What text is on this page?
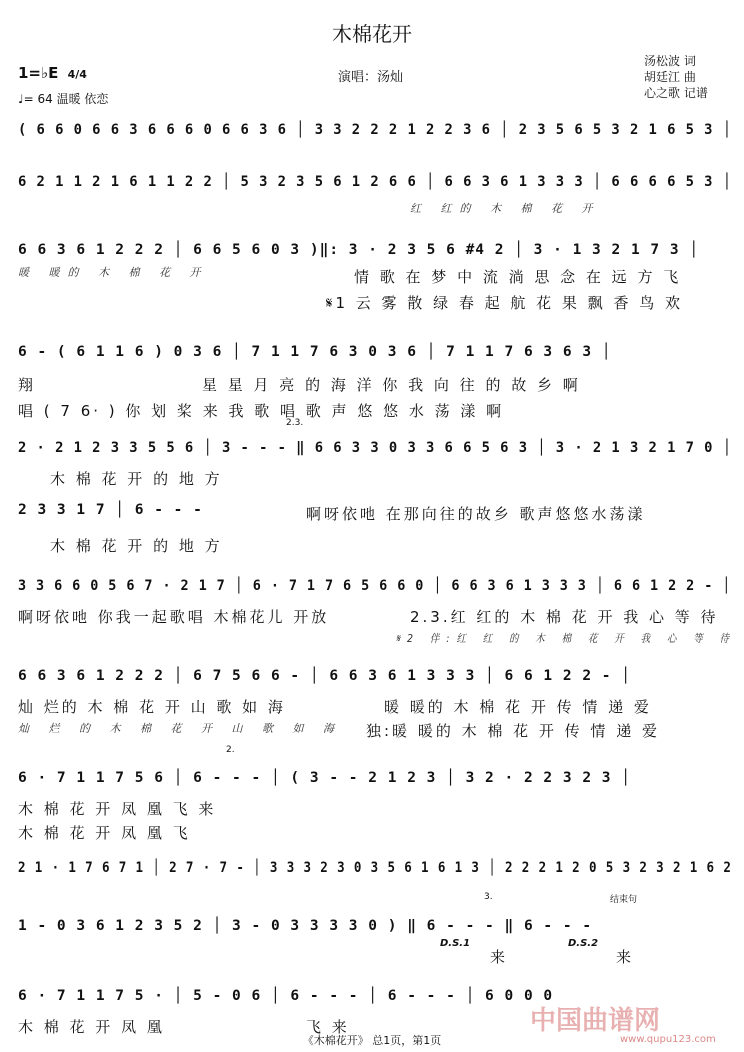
木棉花开
1=♭E 4/4
♩= 64 温暖 依恋
演唱：汤灿
汤松波 词
胡廷江 曲
心之歌 记谱
( 6 6 0 6 6 3 6 6 6 0 6 6 3 6 │ 3 3 2 2 2 1 2 2 3 6 │ 2 3 5 6 5 3 2 1 6 5 3 │
6 2 1 1 2 1 6 1 1 2 2 │ 5 3 2 3 5 6 1 2 6 6 │ 6 6 3 6 1 3 3 3 │ 6 6 6 6 5 3 │
红 红的 木 棉 花 开
6 6 3 6 1 2 2 2 │ 6 6 5 6 0 3 )‖: 3 · 2 3 5 6 #4 2 │ 3 · 1 3 2 1 7 3 │
暖 暖的 木 棉 花 开	情 歌 在 梦 中 流 淌 思 念 在 远 方 飞
𝄋1 云 雾 散 绿 春 起 航 花 果 飘 香 鸟 欢
6 - ( 6 1 1 6 ) 0 3 6 │ 7 1 1 7 6 3 0 3 6 │ 7 1 1 7 6 3 6 3 │
翔	星 星 月 亮 的 海 洋 你 我 向 往 的 故 乡 啊
唱 ( 7 6· ) 你 划 桨 来 我 歌 唱 歌 声 悠 悠 水 荡 漾 啊
2 · 2 1 2 3 3 5 5 6 │ 3 - - - ‖ 6 6 3 3 0 3 3 6 6 5 6 3 │ 3 · 2 1 3 2 1 7 0 │
木 棉 花 开 的 地 方
2 3 3 1 7 │ 6 - - -	啊呀依吔 在那向往的故乡 歌声悠悠水荡漾
木 棉 花 开 的 地 方
3 3 6 6 0 5 6 7 · 2 1 7 │ 6 · 7 1 7 6 5 6 6 0 │ 6 6 3 6 1 3 3 3 │ 6 6 1 2 2 - │
啊呀依吔 你我一起歌唱 木棉花儿 开放	2.3.红 红的 木 棉 花 开 我 心 等 待
𝄋2 伴:红 红 的 木 棉 花 开 我 心 等 待
6 6 3 6 1 2 2 2 │ 6 7 5 6 6 - │ 6 6 3 6 1 3 3 3 │ 6 6 1 2 2 - │
灿 烂的 木 棉 花 开 山 歌 如 海	暖 暖的 木 棉 花 开 传 情 递 爱
灿 烂 的 木 棉 花 开 山 歌 如 海 独:暖 暖的 木 棉 花 开 传 情 递 爱
6 · 7 1 1 7 5 6 │ 6 - - - │ ( 3 - - 2 1 2 3 │ 3 2 · 2 2 3 2 3 │
木 棉 花 开 凤 凰 飞 来
木 棉 花 开 凤 凰 飞
2 1 · 1 7 6 7 1 │ 2 7 · 7 - │ 3 3 3 2 3 0 3 5 6 1 6 1 3 │ 2 2 2 1 2 0 5 3 2 3 2 1 6 2
1 - 0 3 6 1 2 3 5 2 │ 3 - 0 3 3 3 3 0 ) ‖ 6 - - - ‖ 6 - - -
来	来
6 · 7 1 1 7 5 · │ 5 - 0 6 │ 6 - - - │ 6 - - - │ 6 0 0 0
木 棉 花 开 凤 凰	飞 来
D.S.1	D.S.2
2.3.
2.
3.	结束句
中国曲谱网
www.qupu123.com
《木棉花开》 总1页，第1页
